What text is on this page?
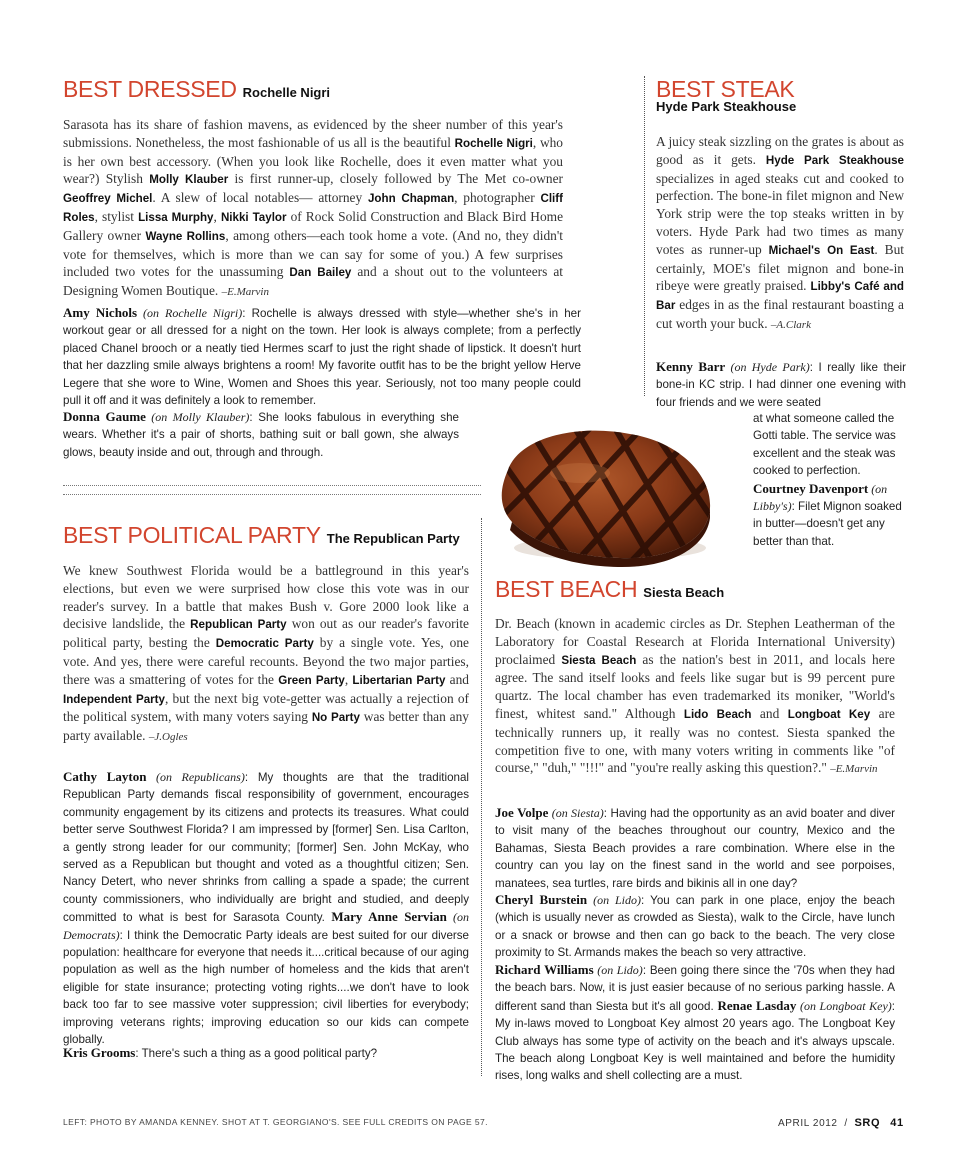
BEST DRESSED Rochelle Nigri
Sarasota has its share of fashion mavens, as evidenced by the sheer number of this year's submissions. Nonetheless, the most fashionable of us all is the beautiful Rochelle Nigri, who is her own best accessory. (When you look like Rochelle, does it even matter what you wear?) Stylish Molly Klauber is first runner-up, closely followed by The Met co-owner Geoffrey Michel. A slew of local notables— attorney John Chapman, photographer Cliff Roles, stylist Lissa Murphy, Nikki Taylor of Rock Solid Construction and Black Bird Home Gallery owner Wayne Rollins, among others—each took home a vote. (And no, they didn't vote for themselves, which is more than we can say for some of you.) A few surprises included two votes for the unassuming Dan Bailey and a shout out to the volunteers at Designing Women Boutique. –E.Marvin
Amy Nichols (on Rochelle Nigri): Rochelle is always dressed with style—whether she's in her workout gear or all dressed for a night on the town. Her look is always complete; from a perfectly placed Chanel brooch or a neatly tied Hermes scarf to just the right shade of lipstick. It doesn't hurt that her dazzling smile always brightens a room! My favorite outfit has to be the bright yellow Herve Legere that she wore to Wine, Women and Shoes this year. Seriously, not too many people could pull it off and it was definitely a look to remember.
Donna Gaume (on Molly Klauber): She looks fabulous in everything she wears. Whether it's a pair of shorts, bathing suit or ball gown, she always glows, beauty inside and out, through and through.
BEST POLITICAL PARTY The Republican Party
We knew Southwest Florida would be a battleground in this year's elections, but even we were surprised how close this vote was in our reader's survey. In a battle that makes Bush v. Gore 2000 look like a decisive landslide, the Republican Party won out as our reader's favorite political party, besting the Democratic Party by a single vote. Yes, one vote. And yes, there were careful recounts. Beyond the two major parties, there was a smattering of votes for the Green Party, Libertarian Party and Independent Party, but the next big vote-getter was actually a rejection of the political system, with many voters saying No Party was better than any party available. –J.Ogles
Cathy Layton (on Republicans): My thoughts are that the traditional Republican Party demands fiscal responsibility of government, encourages community engagement by its citizens and protects its treasures. What could better serve Southwest Florida? I am impressed by [former] Sen. Lisa Carlton, a gently strong leader for our community; [former] Sen. John McKay, who served as a Republican but thought and voted as a thoughtful citizen; Sen. Nancy Detert, who never shrinks from calling a spade a spade; the current county commissioners, who individually are bright and studied, and deeply committed to what is best for Sarasota County. Mary Anne Servian (on Democrats): I think the Democratic Party ideals are best suited for our diverse population: healthcare for everyone that needs it....critical because of our aging population as well as the high number of homeless and the kids that aren't eligible for state insurance; protecting voting rights....we don't have to look back too far to see massive voter suppression; civil liberties for everybody; improving veterans rights; improving education so our kids can compete globally.
Kris Grooms: There's such a thing as a good political party?
BEST STEAK
Hyde Park Steakhouse
A juicy steak sizzling on the grates is about as good as it gets. Hyde Park Steakhouse specializes in aged steaks cut and cooked to perfection. The bone-in filet mignon and New York strip were the top steaks written in by voters. Hyde Park had two times as many votes as runner-up Michael's On East. But certainly, MOE's filet mignon and bone-in ribeye were greatly praised. Libby's Café and Bar edges in as the final restaurant boasting a cut worth your buck. –A.Clark
Kenny Barr (on Hyde Park): I really like their bone-in KC strip. I had dinner one evening with four friends and we were seated
at what someone called the Gotti table. The service was excellent and the steak was cooked to perfection. Courtney Davenport (on Libby's): Filet Mignon soaked in butter—doesn't get any better than that.
BEST BEACH Siesta Beach
Dr. Beach (known in academic circles as Dr. Stephen Leatherman of the Laboratory for Coastal Research at Florida International University) proclaimed Siesta Beach as the nation's best in 2011, and locals here agree. The sand itself looks and feels like sugar but is 99 percent pure quartz. The local chamber has even trademarked its moniker, "World's finest, whitest sand." Although Lido Beach and Longboat Key are technically runners up, it really was no contest. Siesta spanked the competition five to one, with many voters writing in comments like "of course," "duh," "!!!" and "you're really asking this question?." –E.Marvin
Joe Volpe (on Siesta): Having had the opportunity as an avid boater and diver to visit many of the beaches throughout our country, Mexico and the Bahamas, Siesta Beach provides a rare combination. Where else in the country can you lay on the finest sand in the world and see porpoises, manatees, sea turtles, rare birds and bikinis all in one day?
Cheryl Burstein (on Lido): You can park in one place, enjoy the beach (which is usually never as crowded as Siesta), walk to the Circle, have lunch or a snack or browse and then can go back to the beach. The very close proximity to St. Armands makes the beach so very attractive.
Richard Williams (on Lido): Been going there since the '70s when they had the beach bars. Now, it is just easier because of no serious parking hassle. A different sand than Siesta but it's all good. Renae Lasday (on Longboat Key): My in-laws moved to Longboat Key almost 20 years ago. The Longboat Key Club always has some type of activity on the beach and it's always upscale. The beach along Longboat Key is well maintained and before the humidity rises, long walks and shell collecting are a must.
LEFT: PHOTO BY AMANDA KENNEY. SHOT AT T. GEORGIANO'S. SEE FULL CREDITS ON PAGE 57.	APRIL 2012 / SRQ 41
